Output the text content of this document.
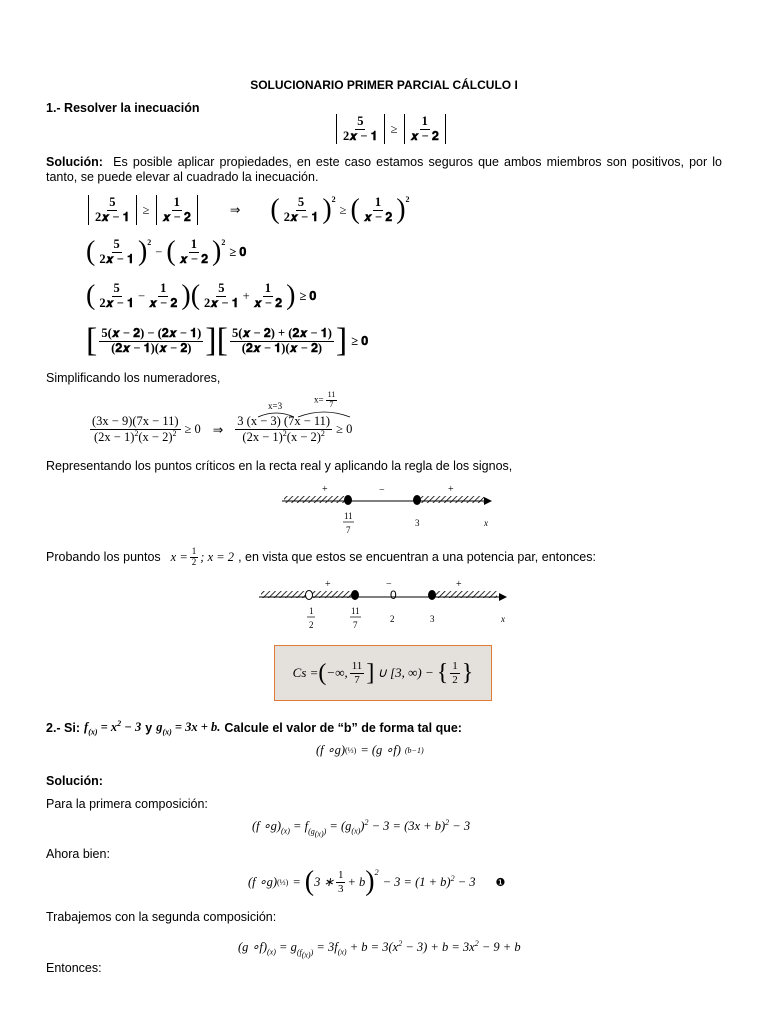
SOLUCIONARIO PRIMER PARCIAL CÁLCULO I
1.- Resolver la inecuación
$\frac{5}{\text{2𝒙 − 𝟏}} \ge \frac{1}{\text{𝒙 − 𝟐}}$
Solución: Es posible aplicar propiedades, en este caso estamos seguros que ambos miembros son positivos, por lo tanto, se puede elevar al cuadrado la inecuación.
$\frac{5}{\text{2𝒙 − 𝟏}} \ge \frac{1}{\text{𝒙 − 𝟐}}$	⇒ ( $\frac{5}{\text{2𝒙 − 𝟏}} )^2$
≥ ( $\frac{1}{\text{𝒙 − 𝟐}} )^2$
( $\frac{5}{\text{2𝒙 − 𝟏}} )^2$
− ( $\frac{1}{\text{𝒙 − 𝟐}} )^2$
≥ 𝟎
( $\frac{5}{\text{2𝒙 − 𝟏}} - \frac{1}{\text{𝒙 − 𝟐}}$ ) ( $\frac{5}{\text{2𝒙 − 𝟏}} + \frac{1}{\text{𝒙 − 𝟐}}$ ) ≥ 𝟎
[ $\frac{\text{5(𝒙 − 𝟐) − (𝟐𝒙 − 𝟏)}}{\text{(𝟐𝒙 − 𝟏)(𝒙 − 𝟐)}}$ ] [ $\frac{\text{5(𝒙 − 𝟐) + (𝟐𝒙 − 𝟏)}}{\text{(𝟐𝒙 − 𝟏)(𝒙 − 𝟐)}}$ ] ≥ 𝟎
Simplificando los numeradores,
$\frac{(3x - 9)(7x - 11)}{(2x - 1)^2(x - 2)^2} \ge 0$ ⇒ $\frac{3 (x - 3) (7x - 11)}{(2x - 1)^2(x - 2)^2} \ge 0$
x=3
$x= \frac{11}{7}$
Representando los puntos críticos en la recta real y aplicando la regla de los signos,
+	−	+
11
7
3	x
Probando los puntos $x = \frac{1}{2}$ ; x = 2 , en vista que estos se encuentran a una potencia par, entonces:
0
+	−	+
1
2
11
7
2	3	x
Cs = ( −∞, $\frac{11}{7}$ ] ∪ [3, ∞) − { $\frac{1}{2}$ }
2.- Si: $f_{(x)} = x^2 - 3$ y $g_{(x)} = 3x + b$. Calcule el valor de “b” de forma tal que:
(f ∘g) (⅓) = (g ∘f) (b−1)
Solución:
Para la primera composición:
(f $\circ g)_{(x)} = f_{(g_{(x)})} = (g_{(x)})^2 - 3 = (3x + b)^2 - 3$
Ahora bien:
(f ∘g) (⅓) = ( 3 ∗ $\frac{1}{3} + b$ )$^2$
− $3 = (1 + b)^2 - 3$ ❶
Trabajemos con la segunda composición:
(g $\circ f)_{(x)} = g_{(f_{(x)})} = 3f_{(x)} + b = 3(x^2 - 3) + b = 3x^2 - 9 + b$
Entonces:
